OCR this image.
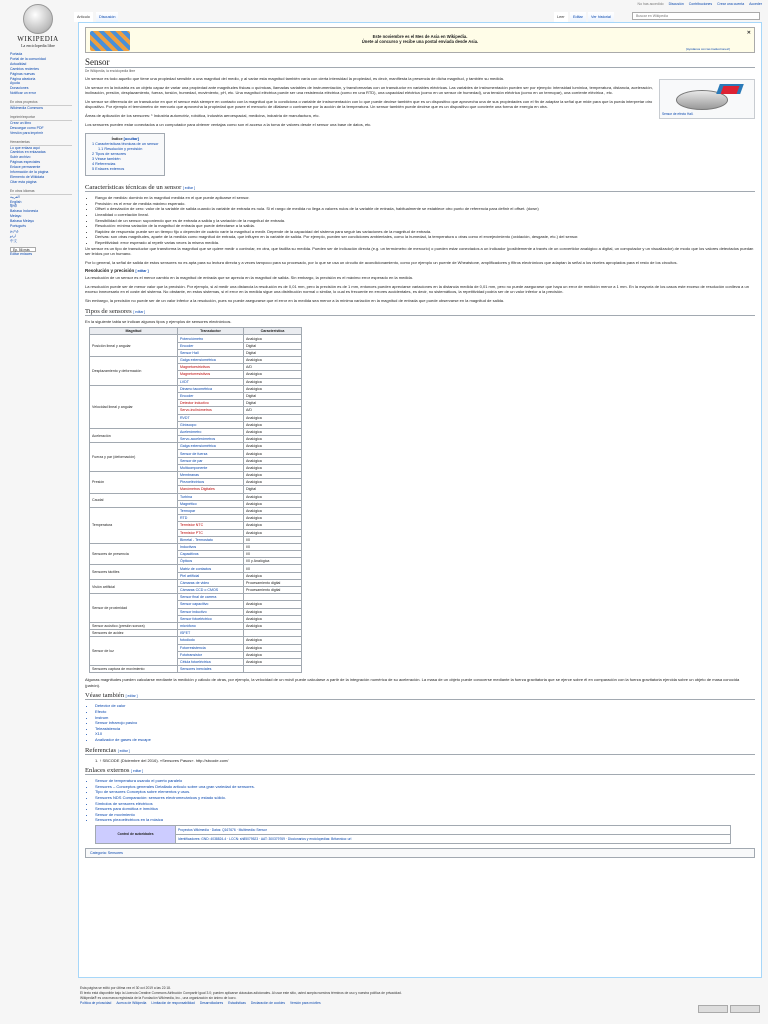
No has accedido Discusión Contribuciones Crear una cuenta Acceder
WIKIPEDIA
La enciclopedia libre
Portada
Portal de la comunidad
Actualidad
Cambios recientes
Páginas nuevas
Página aleatoria
Ayuda
Donaciones
Notificar un error
En otros proyectos
Wikimedia Commons
Imprimir/exportar
Crear un libro
Descargar como PDF
Versión para imprimir
Herramientas
Lo que enlaza aquí
Cambios en enlazadas
Subir archivo
Páginas especiales
Enlace permanente
Información de la página
Elemento de Wikidata
Citar esta página
En otros idiomas
العربية
English
हिन्दी
Bahasa Indonesia
Melayu
Bahasa Melayu
Português
தமிழ்
اردو
中文
Ep. 56 más
Editar enlaces
Artículo	Discusión	Leer	Editar	Ver historial	Buscar en Wikipedia
Este noviembre es el Mes de Asia en Wikipedia.
Únete al concurso y recibe una postal enviada desde Asia.
[Ayúdanos con las traducciones!]
✕
Sensor
De Wikipedia, la enciclopedia libre
Sensor de efecto Hall.

Un sensor es todo aquello que tiene una propiedad sensible a una magnitud del medio, y al variar esta magnitud también varía con cierta intensidad la propiedad, es decir, manifiesta la presencia de dicha magnitud, y también su medida.

Un sensor en la industria es un objeto capaz de variar una propiedad ante magnitudes físicas o químicas, llamadas variables de instrumentación, y transformarlas con un transductor en variables eléctricas. Las variables de instrumentación pueden ser por ejemplo: intensidad lumínica, temperatura, distancia, aceleración, inclinación, presión, desplazamiento, fuerza, torsión, humedad, movimiento, pH, etc. Una magnitud eléctrica puede ser una resistencia eléctrica (como en una RTD), una capacidad eléctrica (como en un sensor de humedad), una tensión eléctrica (como en un termopar), una corriente eléctrica , etc.

Un sensor se diferencia de un transductor en que el sensor está siempre en contacto con la magnitud que lo condiciona o variable de instrumentación con lo que puede decirse también que es un dispositivo que aprovecha una de sus propiedades con el fin de adaptar la señal que mide para que la pueda interpretar otro dispositivo. Por ejemplo el termómetro de mercurio que aprovecha la propiedad que posee el mercurio de dilatarse o contraerse por la acción de la temperatura. Un sensor también puede decirse que es un dispositivo que convierte una forma de energía en otra.

Áreas de aplicación de los sensores: ¹ Industria automotriz, robótica, industria aeroespacial, medicina, industria de manufactura, etc.

Los sensores pueden estar conectados a un computador para obtener ventajas como son el acceso a la toma de valores desde el sensor una base de datos, etc.

Índice [ocultar]
1 Características técnicas de un sensor
1.1 Resolución y precisión
2 Tipos de sensores
3 Véase también
4 Referencias
5 Enlaces externos
Características técnicas de un sensor [ editar ]
• Rango de medida: dominio en la magnitud medida en el que puede aplicarse el sensor.
• Precisión: es el error de medida máximo esperado.
• Offset o desviación de cero: valor de la variable de salida cuando la variable de entrada es nula. Si el rango de medida no llega a valores nulos de la variable de entrada, habitualmente se establece otro punto de referencia para definir el offset. (down)
• Linealidad o correlación lineal.
• Sensibilidad de un sensor: suponiendo que es de entrada a salida y la variación de la magnitud de entrada.
• Resolución: mínima variación de la magnitud de entrada que puede detectarse a la salida.
• Rapidez de respuesta: puede ser un tiempo fijo o depender de cuánto varíe la magnitud a medir. Depende de la capacidad del sistema para seguir las variaciones de la magnitud de entrada.
• Derivas: son otras magnitudes, aparte de la medida como magnitud de entrada, que influyen en la variable de salida. Por ejemplo, pueden ser condiciones ambientales, como la humedad, la temperatura u otras como el envejecimiento (oxidación, desgaste, etc.) del sensor.
• Repetitividad: error esperado al repetir varias veces la misma medida.

Un sensor es un tipo de transductor que transforma la magnitud que se quiere medir o controlar, en otra, que facilita su medida. Pueden ser de indicación directa (e.g. un termómetro de mercurio) o pueden estar conectados a un indicador (posiblemente a través de un convertidor analógico a digital, un computador y un visualizador) de modo que los valores detectados puedan ser leídos por un humano.

Por lo general, la señal de salida de estos sensores no es apta para su lectura directa y a veces tampoco para su procesado, por lo que se usa un circuito de acondicionamiento, como por ejemplo un puente de Wheatstone, amplificadores y filtros electrónicos que adaptan la señal a los niveles apropiados para el resto de los circuitos.

Resolución y precisión [ editar ]

La resolución de un sensor es el menor cambio en la magnitud de entrada que se aprecia en la magnitud de salida. Sin embargo, la precisión es el máximo error esperado en la medida.

La resolución puede ser de menor valor que la precisión. Por ejemplo, si al medir una distancia la resolución es de 0,01 mm, pero la precisión es de 1 mm, entonces pueden apreciarse variaciones en la distancia medida de 0,01 mm, pero no puede asegurarse que haya un error de medición menor a 1 mm. En la mayoría de los casos este exceso de resolución conlleva a un exceso innecesario en el coste del sistema. No obstante, en estos sistemas, si el error en la medida sigue una distribución normal o similar, lo cual es frecuente en errores accidentales, es decir, no sistemáticos, la repetitividad podría ser de un valor inferior a la precisión.

Sin embargo, la precisión no puede ser de un valor inferior a la resolución, pues no puede asegurarse que el error en la medida sea menor a la mínima variación en la magnitud de entrada que puede observarse en la magnitud de salida.

Tipos de sensores [ editar ]

En la siguiente tabla se indican algunos tipos y ejemplos de sensores electrónicos.

Magnitud	Transductor	Característica
Posición lineal y angular	Potenciómetro	Analógica
	Encoder	Digital
	Sensor Hall	Digital
Desplazamiento y deformación	Galga extensiométrica	Analógica
	Magnetoestrictivos	A/D
	Magnetorresistivos	Analógica
	LVDT	Analógica
Velocidad lineal y angular	Dinamo tacométrica	Analógica
	Encoder	Digital
	Detector inductivo	Digital
	Servo-inclinómetros	A/D
	RVDT	Analógica
	Giróscopo	Analógica
Aceleración	Acelerómetro	Analógica
	Servo-accelerómetros	Analógica
Fuerza y par (deformación)	Galga extensiométrica	Analógica
	Sensor de fuerza	Analógica
	Sensor de par	Analógica
	Multicomponente	Analógica
Presión	Membranas	Analógica
	Piezoeléctricos	Analógica
	Manómetros Digitales	Digital
Caudal	Turbina	Analógica
	Magnético	Analógica
Temperatura	Termopar	Analógica
	RTD	Analógica
	Termistor NTC	Analógica
	Termistor PTC	Analógica
	Bimetal - Termostato	I/0
Sensores de presencia	Inductivos	I/0
	Capacitivos	I/0
	Ópticos	I/0 y Analógica
Sensores táctiles	Matriz de contactos	I/0
	Piel artificial	Analógica
Visión artificial	Cámaras de video	Procesamiento digital
	Cámaras CCD o CMOS	Procesamiento digital
Sensor de proximidad	Sensor final de carrera	
	Sensor capacitivo	Analógica
	Sensor inductivo	Analógica
	Sensor fotoeléctrico	Analógica
Sensor acústico (presión sonora)	micrófono	Analógica
Sensores de acidez	ISFET	
Sensor de luz	fotodiodo	Analógica
	Fotorresistencia	Analógica
	Fototransistor	Analógica
	Célula fotoeléctrica	Analógica
Sensores captura de movimiento	Sensores inerciales	

Algunas magnitudes pueden calcularse mediante la medición y cálculo de otras, por ejemplo, la velocidad de un móvil puede calcularse a partir de la integración numérica de su aceleración. La masa de un objeto puede conocerse mediante la fuerza gravitatoria que se ejerce sobre él en comparación con la fuerza gravitatoria ejercida sobre un objeto de masa conocida (patrón).

Véase también [ editar ]
• Detector de calor
• Efecto
• Instrum
• Sensor infrarrojo pasivo
• Teleasistencia
• X10
• Analizador de gases de escape
Referencias [ editar ]
1. ↑ SBCODE (Diciembre del 2016). «Sensores Pasos». http://sbcode.com/
Enlaces externos [ editar ]
• Sensor de temperatura usando el puerto paralelo
• Sensores – Conceptos generales Detallado artículo sobre una gran variedad de sensores.
• Tipo de sensores Conceptos sobre elementos y usos.
• Sensores NDS Comparación: sensores electromecánicos y estado sólido.
• Símbolos de sensores eléctricos
• Sensores para domótica e inmótica
• Sensor de movimiento
• Sensores piezoeléctricos en la música
Control de autoridades	Proyectos Wikimedia · Datos: Q167676 · Multimedia: Sensor
Identificadores: GND: 4038824-4 · LCCN: sh85079523 · AAT: 300379769 · Diccionarios y enciclopedias: Britannica: url
Categoría: Sensores
Esta página se editó por última vez el 30 oct 2019 a las 22:18.
El texto está disponible bajo la Licencia Creative Commons Atribución Compartir Igual 3.0; pueden aplicarse cláusulas adicionales. Al usar este sitio, usted acepta nuestros términos de uso y nuestra política de privacidad.
Wikipedia® es una marca registrada de la Fundación Wikimedia, Inc., una organización sin ánimo de lucro.
Política de privacidad Acerca de Wikipedia Limitación de responsabilidad Desarrolladores Estadísticas Declaración de cookies Versión para móviles
